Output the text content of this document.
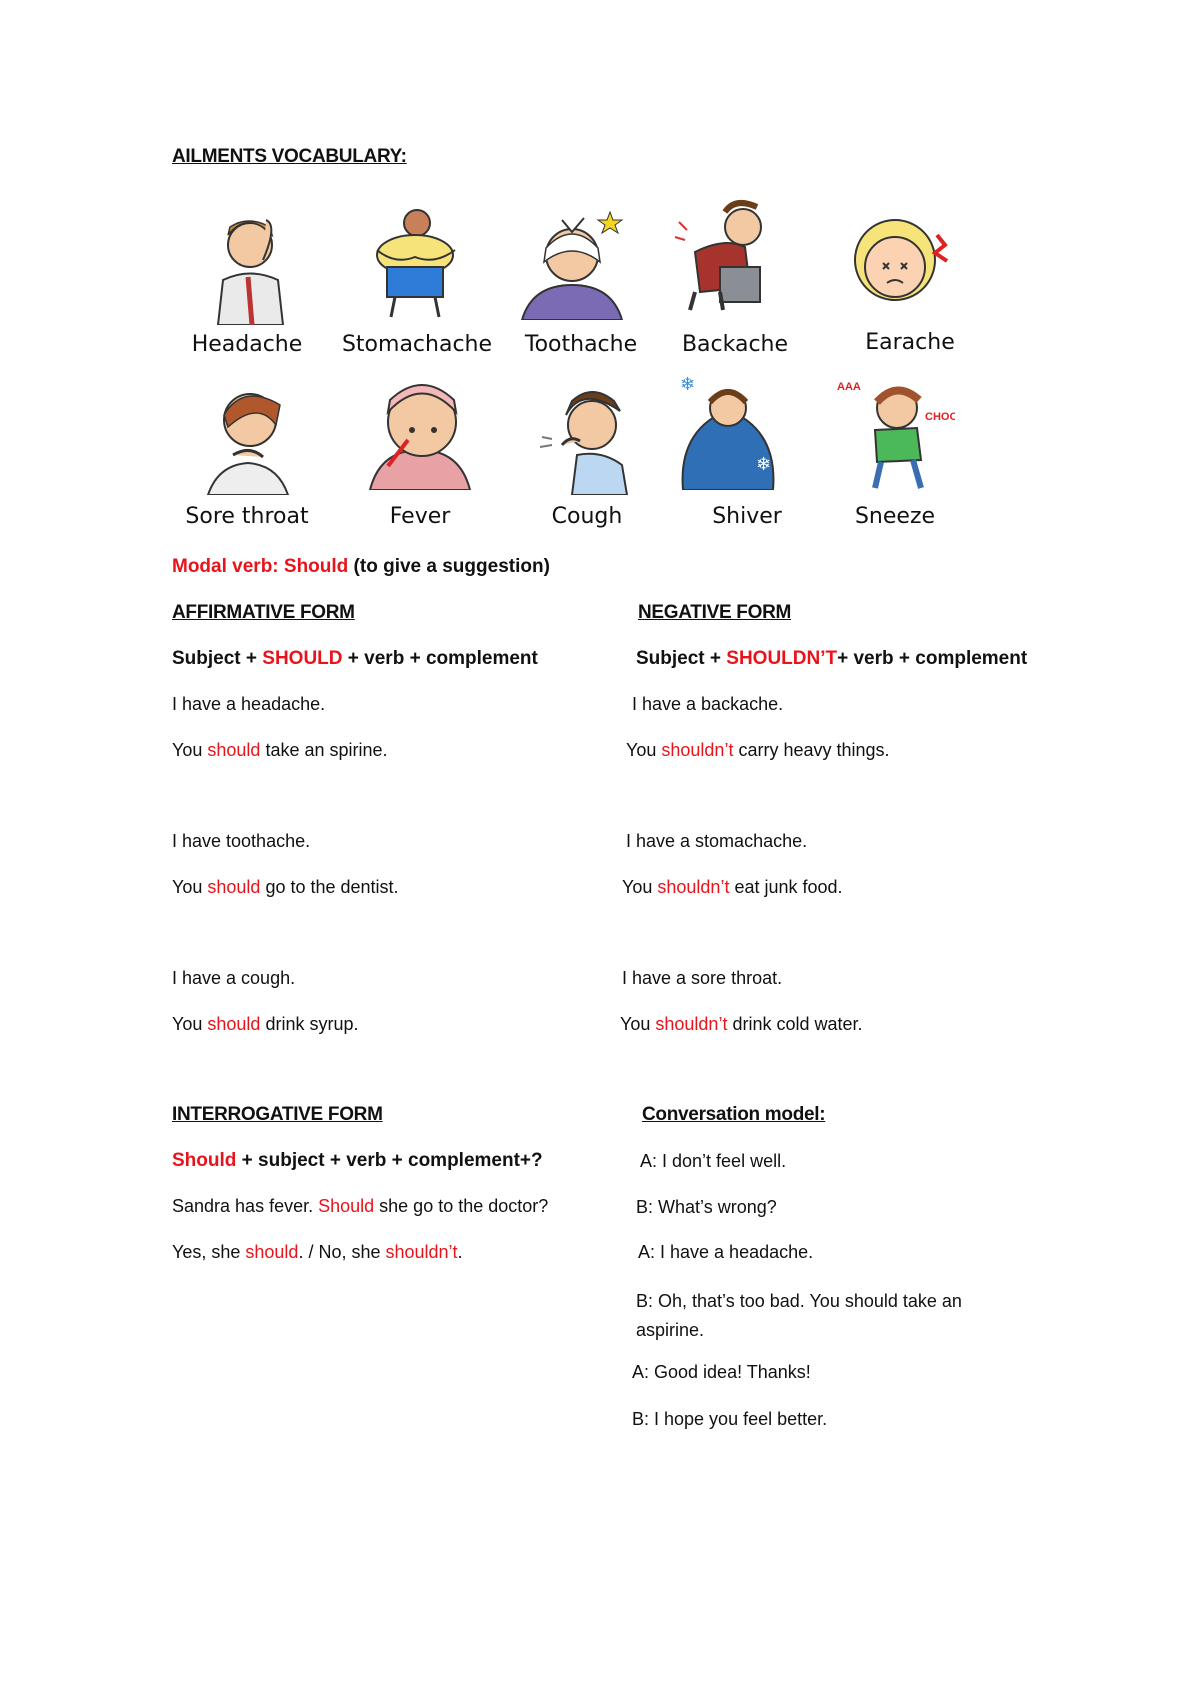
AILMENTS VOCABULARY:
Headache	Stomachache	Toothache	Backache	Earache
❄
❄
AAA
CHOO
Sore throat	Fever	Cough	Shiver	Sneeze
Modal verb: Should (to give a suggestion)
AFFIRMATIVE FORM
Subject + SHOULD + verb + complement
I have a headache.
You should take an spirine.
I have toothache.
You should go to the dentist.
I have a cough.
You should drink syrup.
NEGATIVE FORM
Subject + SHOULDN’T+ verb + complement
I have a backache.
You shouldn’t carry heavy things.
I have a stomachache.
You shouldn’t eat junk food.
I have a sore throat.
You shouldn’t drink cold water.
INTERROGATIVE FORM
Should + subject + verb + complement+?
Sandra has fever. Should she go to the doctor?
Yes, she should. / No, she shouldn’t.
Conversation model:
A: I don’t feel well.
B: What’s wrong?
A: I have a headache.
B: Oh, that’s too bad. You should take an aspirine.
A: Good idea! Thanks!
B: I hope you feel better.
